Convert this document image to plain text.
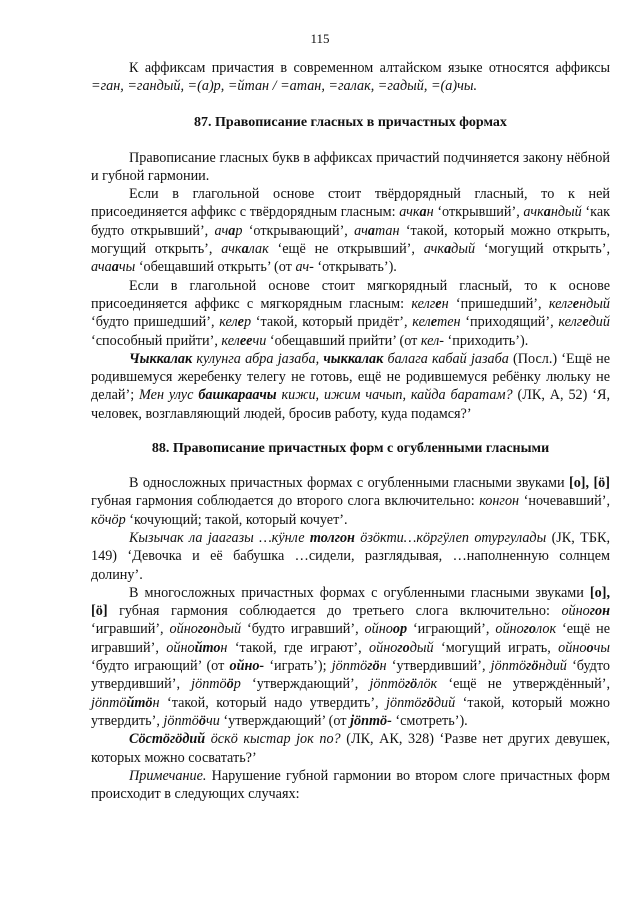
115

К аффиксам причастия в современном алтайском языке относятся аффиксы =ган, =гандый, =(а)р, =йтан / =атан, =галак, =гадый, =(а)чы.

87. Правописание гласных в причастных формах

Правописание гласных букв в аффиксах причастий подчиняется закону нёбной и губной гармонии.

Если в глагольной основе стоит твёрдорядный гласный, то к ней присоединяется аффикс с твёрдорядным гласным: ачкан ‘открывший’, ачкандый ‘как будто открывший’, ачар ‘открывающий’, ачатан ‘такой, который можно открыть, могущий открыть’, ачкалак ‘ещё не открывший’, ачкадый ‘могущий открыть’, ачаачы ‘обещавший открыть’ (от ач- ‘открывать’).

Если в глагольной основе стоит мягкорядный гласный, то к основе присоединяется аффикс с мягкорядным гласным: келген ‘пришедший’, келгендый ‘будто пришедший’, келер ‘такой, который придёт’, келетен ‘приходящий’, келгедий ‘способный прийти’, келеечи ‘обещавший прийти’ (от кел- ‘приходить’).

Чыккалак кулунга абра јазаба, чыккалак балага кабай јазаба (Посл.) ‘Ещё не родившемуся жеребенку телегу не готовь, ещё не родившемуся ребёнку люльку не делай’; Мен улус башкараачы кижи, ижим чачып, кайда баратам? (ЛК, А, 52) ‘Я, человек, возглавляющий людей, бросив работу, куда подамся?’

88. Правописание причастных форм с огубленными гласными

В односложных причастных формах с огубленными гласными звуками [о], [ӧ] губная гармония соблюдается до второго слога включительно: конгон ‘ночевавший’, кӧчӧр ‘кочующий; такой, который кочует’.

Кызычак ла јаагазы …кӱнле толгон ӧзӧкти…кӧргӱлеп отургулады (ЈК, ТБК, 149) ‘Девочка и её бабушка …сидели, разглядывая, …наполненную солнцем долину’.

В многосложных причастных формах с огубленными гласными звуками [о], [ӧ] губная гармония соблюдается до третьего слога включительно: ойногон ‘игравший’, ойногондый ‘будто игравший’, ойноор ‘играющий’, ойноголок ‘ещё не игравший’, ойнойтон ‘такой, где играют’, ойногодый ‘могущий играть, ойноочы ‘будто играющий’ (от ойно- ‘играть’); јӧптӧгӧн ‘утвердивший’, јӧптӧгӧндий ‘будто утвердивший’, јӧптӧӧр ‘утверждающий’, јӧптӧгӧлӧк ‘ещё не утверждённый’, јӧптӧйтӧн ‘такой, который надо утвердить’, јӧптӧгӧдий ‘такой, который можно утвердить’, јӧптӧӧчи ‘утверждающий’ (от јӧптӧ- ‘смотреть’).

Сӧстӧгӧдий ӧскӧ кыстар јок по? (ЛК, АК, 328) ‘Разве нет других девушек, которых можно сосватать?’

Примечание. Нарушение губной гармонии во втором слоге причастных форм происходит в следующих случаях:
